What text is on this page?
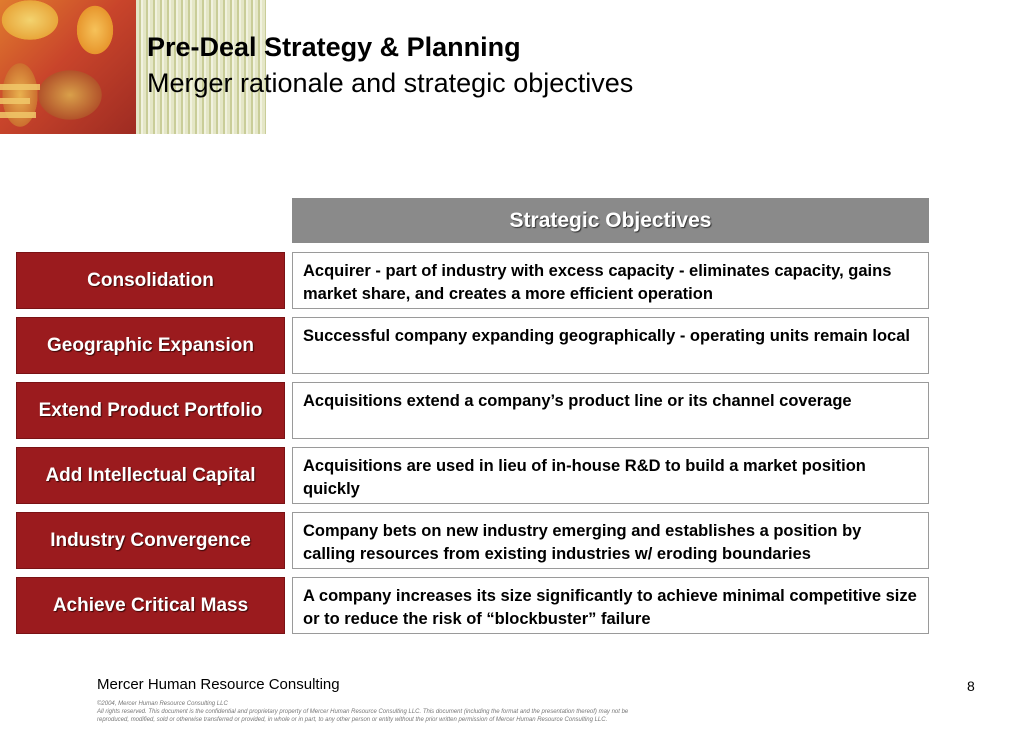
Pre-Deal Strategy & Planning
Merger rationale and strategic objectives
Strategic Objectives
Consolidation	Acquirer - part of industry with excess capacity - eliminates capacity, gains market share, and creates a more efficient operation
Geographic Expansion	Successful company expanding geographically - operating units remain local
Extend Product Portfolio	Acquisitions extend a company’s product line or its channel coverage
Add Intellectual Capital	Acquisitions are used in lieu of in-house R&D to build a market position quickly
Industry Convergence	Company bets on new industry emerging and establishes a position by calling resources from existing industries w/ eroding boundaries
Achieve Critical Mass	A company increases its size significantly to achieve minimal competitive size or to reduce the risk of “blockbuster” failure
Mercer Human Resource Consulting	8
©2004, Mercer Human Resource Consulting LLC
All rights reserved. This document is the confidential and proprietary property of Mercer Human Resource Consulting LLC. This document (including the format and the presentation thereof) may not be
reproduced, modified, sold or otherwise transferred or provided, in whole or in part, to any other person or entity without the prior written permission of Mercer Human Resource Consulting LLC.
